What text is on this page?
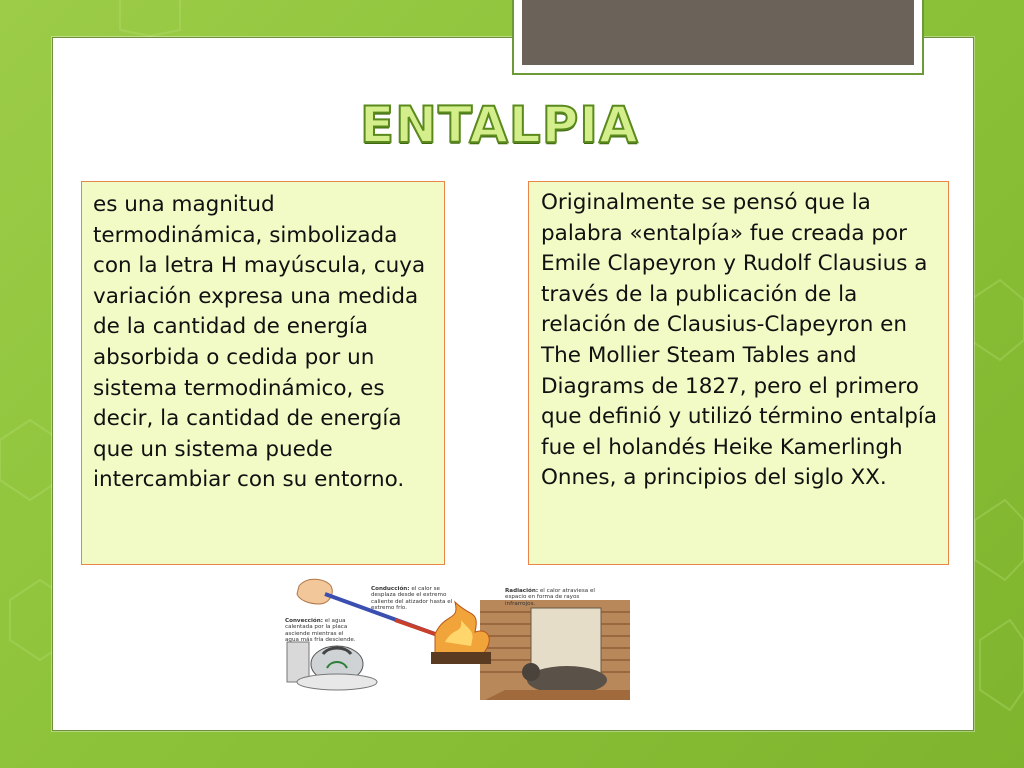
ENTALPIA
es una magnitud termodinámica, simbolizada con la letra H mayúscula, cuya variación expresa una medida de la cantidad de energía absorbida o cedida por un sistema termodinámico, es decir, la cantidad de energía que un sistema puede intercambiar con su entorno.
Originalmente se pensó que la palabra «entalpía» fue creada por Emile Clapeyron y Rudolf Clausius a través de la publicación de la relación de Clausius-Clapeyron en The Mollier Steam Tables and Diagrams de 1827, pero el primero que definió y utilizó término entalpía fue el holandés Heike Kamerlingh Onnes, a principios del siglo XX.
Conducción: el calor se desplaza desde el extremo caliente del atizador hasta el extremo frío.
Convección: el agua calentada por la placa asciende mientras el agua más fría desciende.
Radiación: el calor atraviesa el espacio en forma de rayos infrarrojos.
